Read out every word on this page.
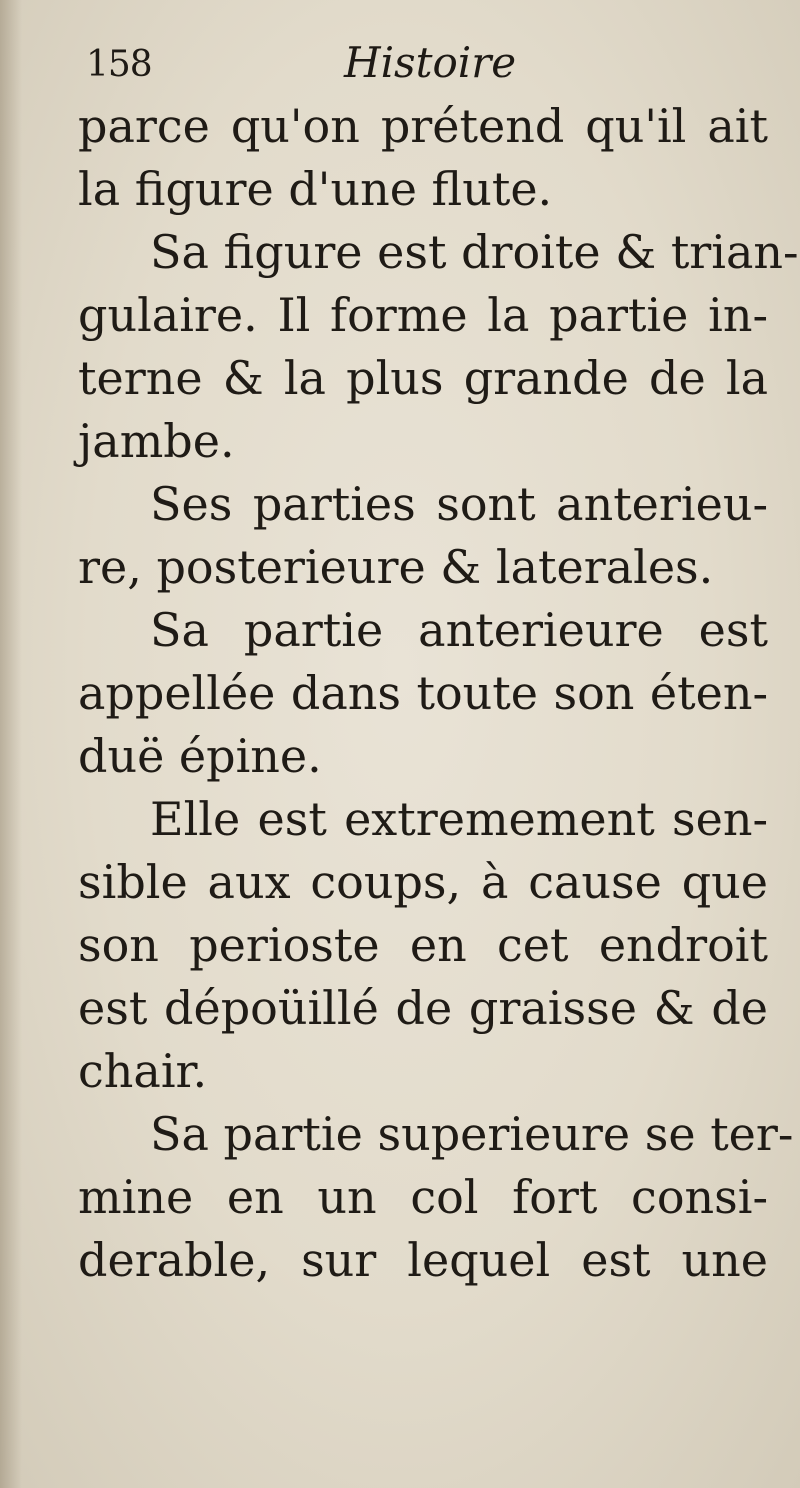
158	Histoire
parce qu'on prétend qu'il ait
la figure d'une flute.
Sa figure est droite & trian-
gulaire. Il forme la partie in-
terne & la plus grande de la
jambe.
Ses parties sont anterieu-
re, posterieure & laterales.
Sa partie anterieure est
appellée dans toute son éten-
duë épine.
Elle est extremement sen-
sible aux coups, à cause que
son perioste en cet endroit
est dépoüillé de graisse & de
chair.
Sa partie superieure se ter-
mine en un col fort consi-
derable, sur lequel est une
